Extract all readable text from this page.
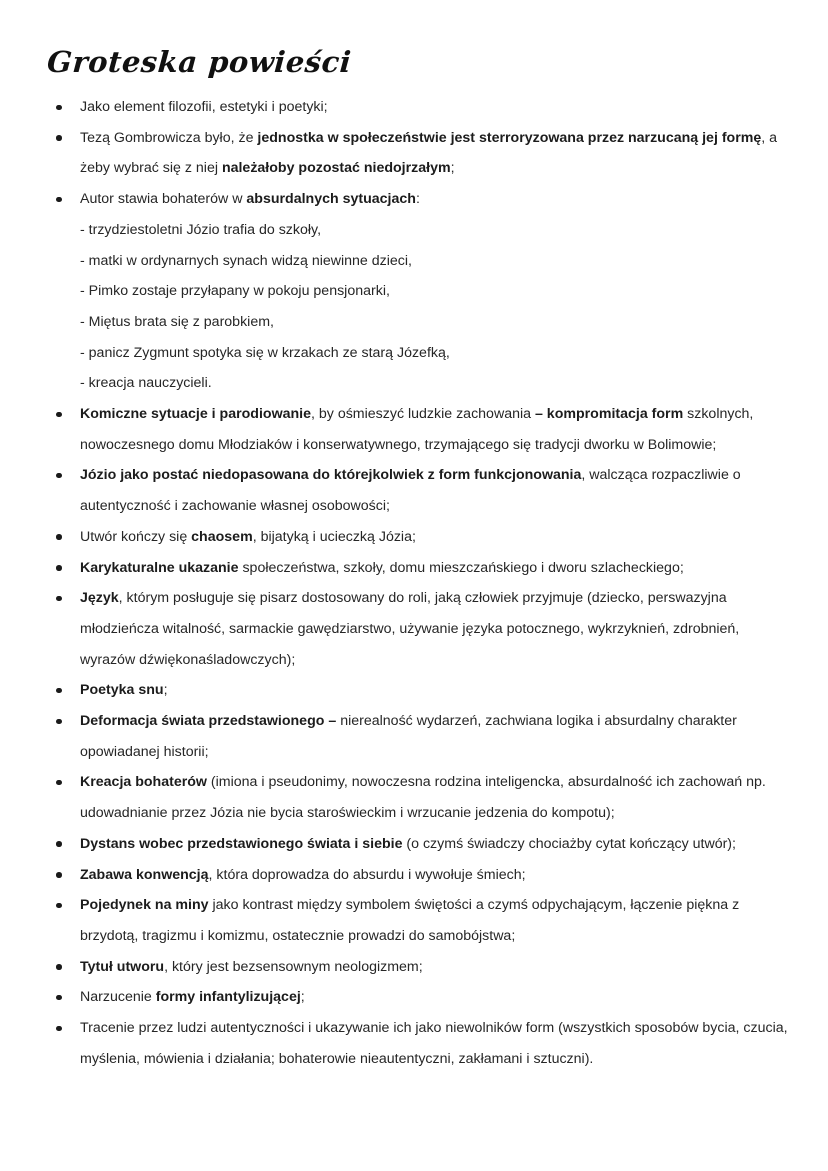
Groteska powieści
Jako element filozofii, estetyki i poetyki;
Tezą Gombrowicza było, że jednostka w społeczeństwie jest sterroryzowana przez narzucaną jej formę, a żeby wybrać się z niej należałoby pozostać niedojrzałym;
Autor stawia bohaterów w absurdalnych sytuacjach:
- trzydziestoletni Józio trafia do szkoły,
- matki w ordynarnych synach widzą niewinne dzieci,
- Pimko zostaje przyłapany w pokoju pensjonarki,
- Miętus brata się z parobkiem,
- panicz Zygmunt spotyka się w krzakach ze starą Józefką,
- kreacja nauczycieli.
Komiczne sytuacje i parodiowanie, by ośmieszyć ludzkie zachowania – kompromitacja form szkolnych, nowoczesnego domu Młodziaków i konserwatywnego, trzymającego się tradycji dworku w Bolimowie;
Józio jako postać niedopasowana do którejkolwiek z form funkcjonowania, walcząca rozpaczliwie o autentyczność i zachowanie własnej osobowości;
Utwór kończy się chaosem, bijatyką i ucieczką Józia;
Karykaturalne ukazanie społeczeństwa, szkoły, domu mieszczańskiego i dworu szlacheckiego;
Język, którym posługuje się pisarz dostosowany do roli, jaką człowiek przyjmuje (dziecko, perswazyjna młodzieńcza witalność, sarmackie gawędziarstwo, używanie języka potocznego, wykrzyknień, zdrobnień, wyrazów dźwiękonaśladowczych);
Poetyka snu;
Deformacja świata przedstawionego – nierealność wydarzeń, zachwiana logika i absurdalny charakter opowiadanej historii;
Kreacja bohaterów (imiona i pseudonimy, nowoczesna rodzina inteligencka, absurdalność ich zachowań np. udowadnianie przez Józia nie bycia staroświeckim i wrzucanie jedzenia do kompotu);
Dystans wobec przedstawionego świata i siebie (o czymś świadczy chociażby cytat kończący utwór);
Zabawa konwencją, która doprowadza do absurdu i wywołuje śmiech;
Pojedynek na miny jako kontrast między symbolem świętości a czymś odpychającym, łączenie piękna z brzydotą, tragizmu i komizmu, ostatecznie prowadzi do samobójstwa;
Tytuł utworu, który jest bezsensownym neologizmem;
Narzucenie formy infantylizującej;
Tracenie przez ludzi autentyczności i ukazywanie ich jako niewolników form (wszystkich sposobów bycia, czucia, myślenia, mówienia i działania; bohaterowie nieautentyczni, zakłamani i sztuczni).
